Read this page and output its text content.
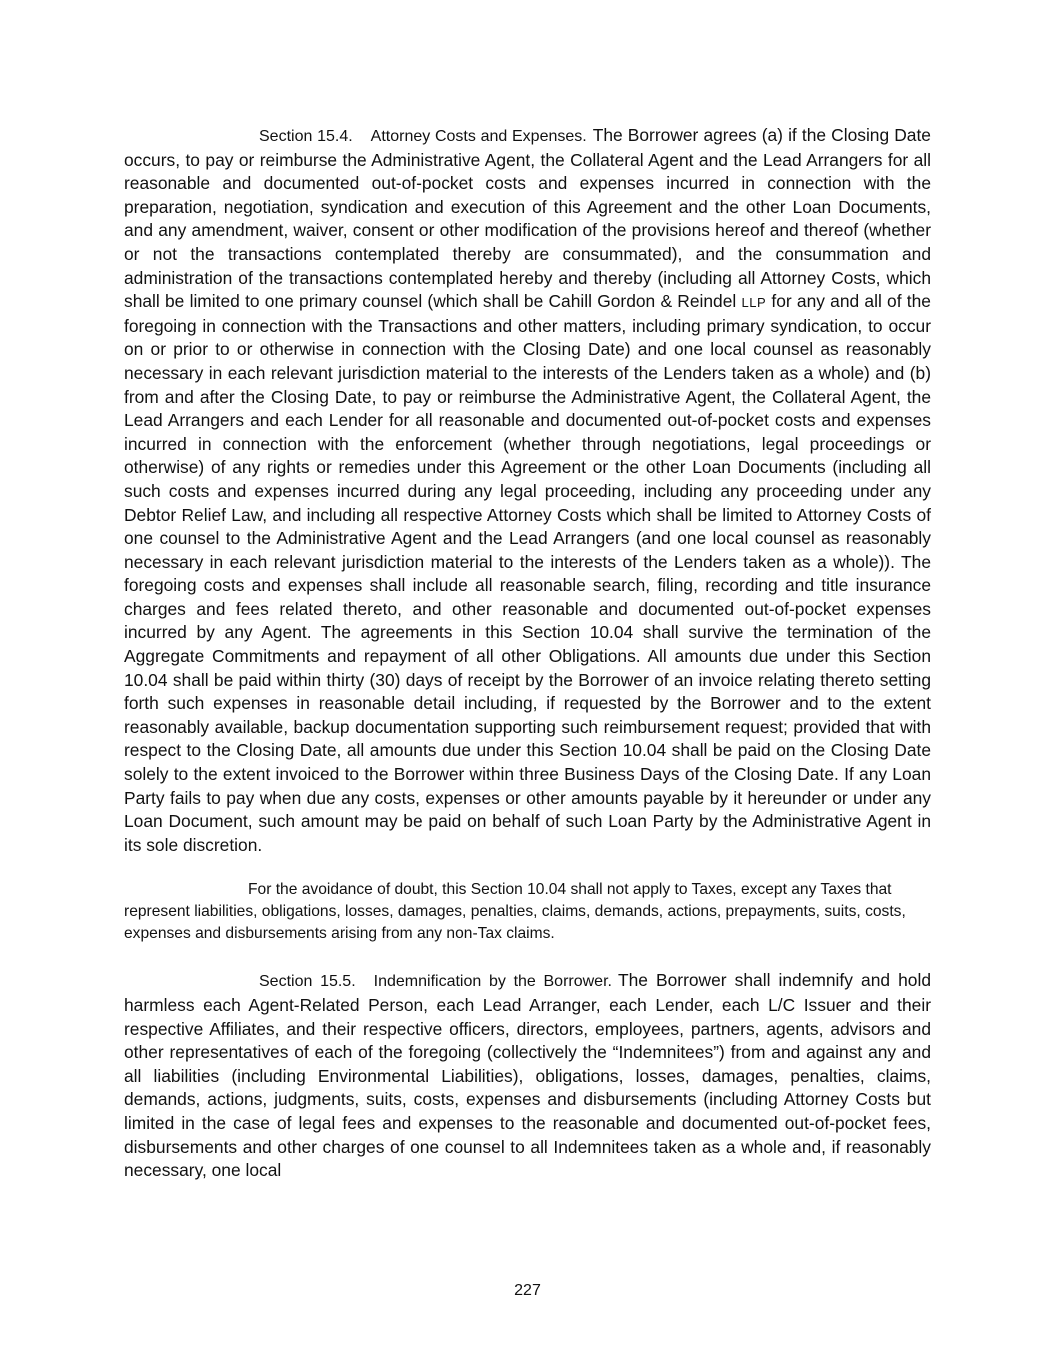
Section 15.4. Attorney Costs and Expenses. The Borrower agrees (a) if the Closing Date occurs, to pay or reimburse the Administrative Agent, the Collateral Agent and the Lead Arrangers for all reasonable and documented out-of-pocket costs and expenses incurred in connection with the preparation, negotiation, syndication and execution of this Agreement and the other Loan Documents, and any amendment, waiver, consent or other modification of the provisions hereof and thereof (whether or not the transactions contemplated thereby are consummated), and the consummation and administration of the transactions contemplated hereby and thereby (including all Attorney Costs, which shall be limited to one primary counsel (which shall be Cahill Gordon & Reindel LLP for any and all of the foregoing in connection with the Transactions and other matters, including primary syndication, to occur on or prior to or otherwise in connection with the Closing Date) and one local counsel as reasonably necessary in each relevant jurisdiction material to the interests of the Lenders taken as a whole) and (b) from and after the Closing Date, to pay or reimburse the Administrative Agent, the Collateral Agent, the Lead Arrangers and each Lender for all reasonable and documented out-of-pocket costs and expenses incurred in connection with the enforcement (whether through negotiations, legal proceedings or otherwise) of any rights or remedies under this Agreement or the other Loan Documents (including all such costs and expenses incurred during any legal proceeding, including any proceeding under any Debtor Relief Law, and including all respective Attorney Costs which shall be limited to Attorney Costs of one counsel to the Administrative Agent and the Lead Arrangers (and one local counsel as reasonably necessary in each relevant jurisdiction material to the interests of the Lenders taken as a whole)). The foregoing costs and expenses shall include all reasonable search, filing, recording and title insurance charges and fees related thereto, and other reasonable and documented out-of-pocket expenses incurred by any Agent. The agreements in this Section 10.04 shall survive the termination of the Aggregate Commitments and repayment of all other Obligations. All amounts due under this Section 10.04 shall be paid within thirty (30) days of receipt by the Borrower of an invoice relating thereto setting forth such expenses in reasonable detail including, if requested by the Borrower and to the extent reasonably available, backup documentation supporting such reimbursement request; provided that with respect to the Closing Date, all amounts due under this Section 10.04 shall be paid on the Closing Date solely to the extent invoiced to the Borrower within three Business Days of the Closing Date. If any Loan Party fails to pay when due any costs, expenses or other amounts payable by it hereunder or under any Loan Document, such amount may be paid on behalf of such Loan Party by the Administrative Agent in its sole discretion.

For the avoidance of doubt, this Section 10.04 shall not apply to Taxes, except any Taxes that represent liabilities, obligations, losses, damages, penalties, claims, demands, actions, prepayments, suits, costs, expenses and disbursements arising from any non-Tax claims.

Section 15.5. Indemnification by the Borrower. The Borrower shall indemnify and hold harmless each Agent-Related Person, each Lead Arranger, each Lender, each L/C Issuer and their respective Affiliates, and their respective officers, directors, employees, partners, agents, advisors and other representatives of each of the foregoing (collectively the “Indemnitees”) from and against any and all liabilities (including Environmental Liabilities), obligations, losses, damages, penalties, claims, demands, actions, judgments, suits, costs, expenses and disbursements (including Attorney Costs but limited in the case of legal fees and expenses to the reasonable and documented out-of-pocket fees, disbursements and other charges of one counsel to all Indemnitees taken as a whole and, if reasonably necessary, one local

227
